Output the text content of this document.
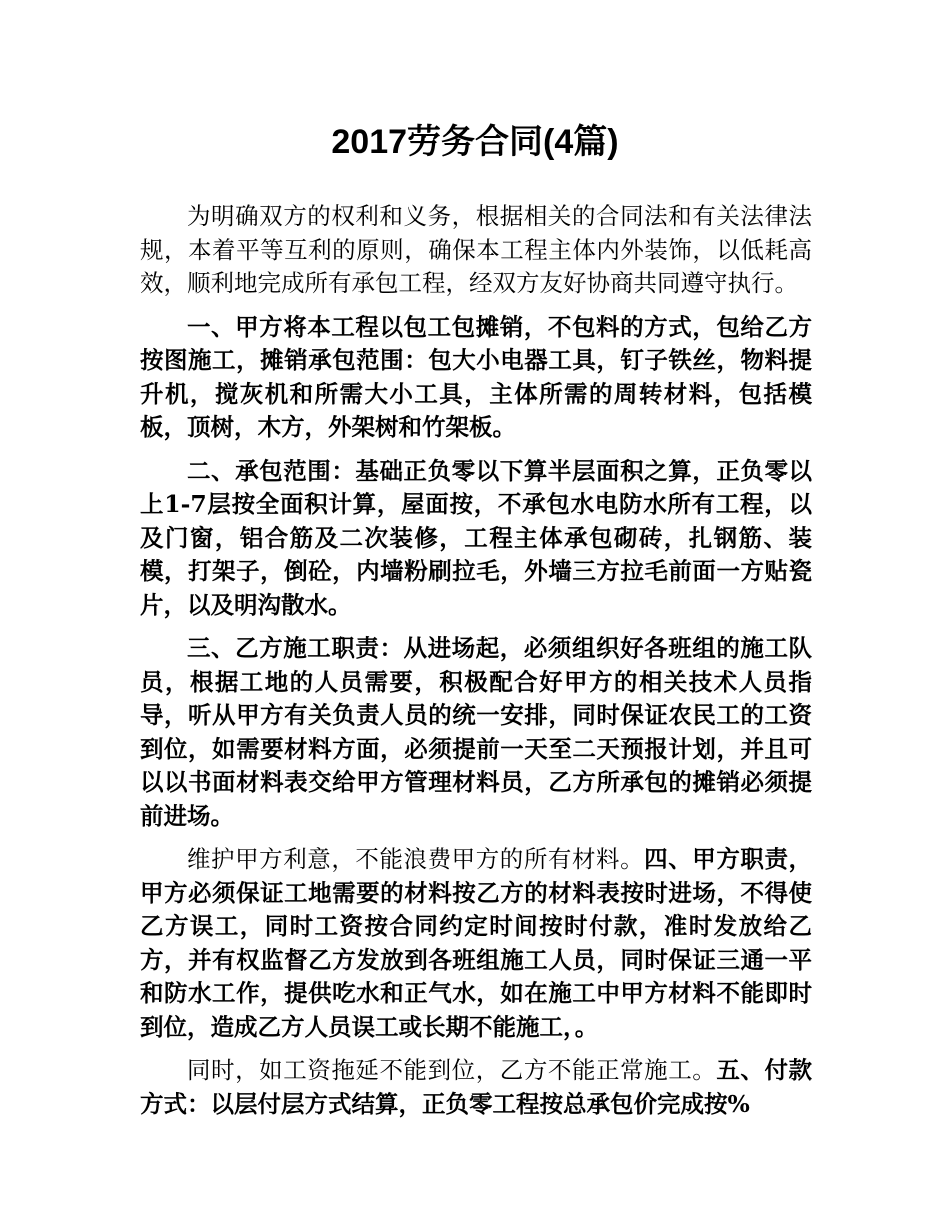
2017劳务合同(4篇)

为明确双方的权利和义务，根据相关的合同法和有关法律法规，本着平等互利的原则，确保本工程主体内外装饰，以低耗高效，顺利地完成所有承包工程，经双方友好协商共同遵守执行。

一、甲方将本工程以包工包摊销，不包料的方式，包给乙方按图施工，摊销承包范围：包大小电器工具，钉子铁丝，物料提升机，搅灰机和所需大小工具，主体所需的周转材料，包括模板，顶树，木方，外架树和竹架板。

二、承包范围：基础正负零以下算半层面积之算，正负零以上1-7层按全面积计算，屋面按，不承包水电防水所有工程，以及门窗，铝合筋及二次装修，工程主体承包砌砖，扎钢筋、装模，打架子，倒砼，内墙粉刷拉毛，外墙三方拉毛前面一方贴瓷片，以及明沟散水。

三、乙方施工职责：从进场起，必须组织好各班组的施工队员，根据工地的人员需要，积极配合好甲方的相关技术人员指导，听从甲方有关负责人员的统一安排，同时保证农民工的工资到位，如需要材料方面，必须提前一天至二天预报计划，并且可以以书面材料表交给甲方管理材料员，乙方所承包的摊销必须提前进场。

维护甲方利意，不能浪费甲方的所有材料。四、甲方职责，甲方必须保证工地需要的材料按乙方的材料表按时进场，不得使乙方误工，同时工资按合同约定时间按时付款，准时发放给乙方，并有权监督乙方发放到各班组施工人员，同时保证三通一平和防水工作，提供吃水和正气水，如在施工中甲方材料不能即时到位，造成乙方人员误工或长期不能施工，。

同时，如工资拖延不能到位，乙方不能正常施工。五、付款方式：以层付层方式结算，正负零工程按总承包价完成按%
